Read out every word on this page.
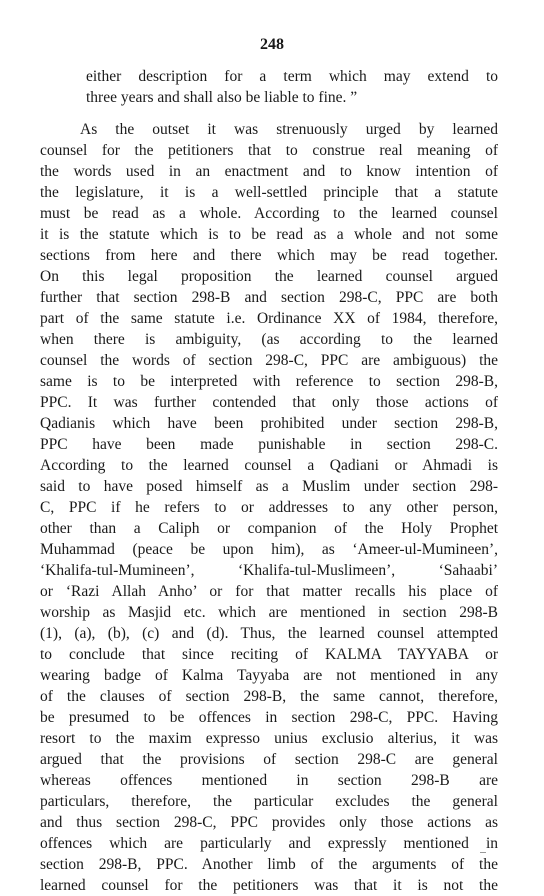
248
either description for a term which may extend to
three years and shall also be liable to fine. ”
As the outset it was strenuously urged by learned
counsel for the petitioners that to construe real meaning of
the words used in an enactment and to know intention of
the legislature, it is a well-settled principle that a statute
must be read as a whole. According to the learned counsel
it is the statute which is to be read as a whole and not some
sections from here and there which may be read together.
On this legal proposition the learned counsel argued
further that section 298-B and section 298-C, PPC are both
part of the same statute i.e. Ordinance XX of 1984, therefore,
when there is ambiguity, (as according to the learned
counsel the words of section 298-C, PPC are ambiguous) the
same is to be interpreted with reference to section 298-B,
PPC. It was further contended that only those actions of
Qadianis which have been prohibited under section 298-B,
PPC have been made punishable in section 298-C.
According to the learned counsel a Qadiani or Ahmadi is
said to have posed himself as a Muslim under section 298-
C, PPC if he refers to or addresses to any other person,
other than a Caliph or companion of the Holy Prophet
Muhammad (peace be upon him), as ‘Ameer-ul-Mumineen’,
‘Khalifa-tul-Mumineen’, ‘Khalifa-tul-Muslimeen’, ‘Sahaabi’
or ‘Razi Allah Anho’ or for that matter recalls his place of
worship as Masjid etc. which are mentioned in section 298-B
(1), (a), (b), (c) and (d). Thus, the learned counsel attempted
to conclude that since reciting of KALMA TAYYABA or
wearing badge of Kalma Tayyaba are not mentioned in any
of the clauses of section 298-B, the same cannot, therefore,
be presumed to be offences in section 298-C, PPC. Having
resort to the maxim expresso unius exclusio alterius, it was
argued that the provisions of section 298-C are general
whereas offences mentioned in section 298-B are
particulars, therefore, the particular excludes the general
and thus section 298-C, PPC provides only those actions as
offences which are particularly and expressly mentioned in
section 298-B, PPC. Another limb of the arguments of the
learned counsel for the petitioners was that it is not the
